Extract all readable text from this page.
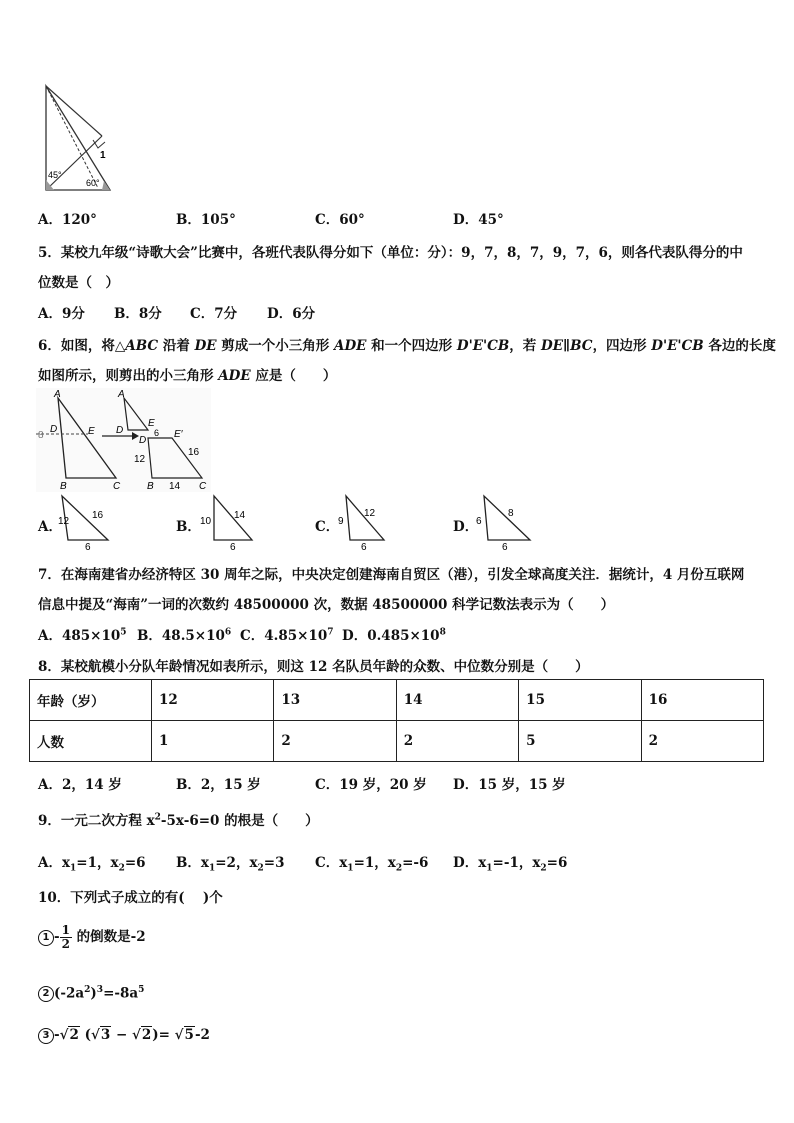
1
45°
60°
A．120°	B．105°	C．60°	D．45°
5．某校九年级“诗歌大会”比赛中，各班代表队得分如下（单位：分）：9，7，8，7，9，7，6，则各代表队得分的中
位数是（　）
A．9分 B．8分 C．7分 D．6分
6．如图，将△ABC 沿着 DE 剪成一个小三角形 ADE 和一个四边形 D'E'CB，若 DE∥BC，四边形 D'E'CB 各边的长度
如图所示，则剪出的小三角形 ADE 应是（　　）
8
A
D	E
B	C
A
D
E
6
D
E′
12
16
B 14 C
A．
12
16
6
B． 10
14
6
C．
9
12
6
D．
6
8
6
7．在海南建省办经济特区 30 周年之际，中央决定创建海南自贸区（港），引发全球高度关注．据统计，4 月份互联网
信息中提及“海南”一词的次数约 48500000 次，数据 48500000 科学记数法表示为（　　）
A．$485\times 10^5$ B．$48.5\times 10^6$ C．$4.85\times 10^7$ D．$0.485\times 10^8$
8．某校航模小分队年龄情况如表所示，则这 12 名队员年龄的众数、中位数分别是（　　）
年龄（岁）	12	13	14	15	16
人数	1	2	2	5	2
A．2，14 岁	B．2，15 岁	C．19 岁，20 岁 D．15 岁，15 岁
9．一元二次方程 $x^2-5x-6=0$ 的根是（　　）
A．$x_1=1$，$x_2=6$ B．$x_1=2$，$x_2=3$ C．$x_1=1$，$x_2=-6$ D．$x_1=-1$，$x_2=6$
10．下列式子成立的有(　 )个
$1 - \frac{1}{2}$ 的倒数是-2
2 $(-2a^2)^3=-8a^5$
3 -√2 (√3 − √2)= √5-2
